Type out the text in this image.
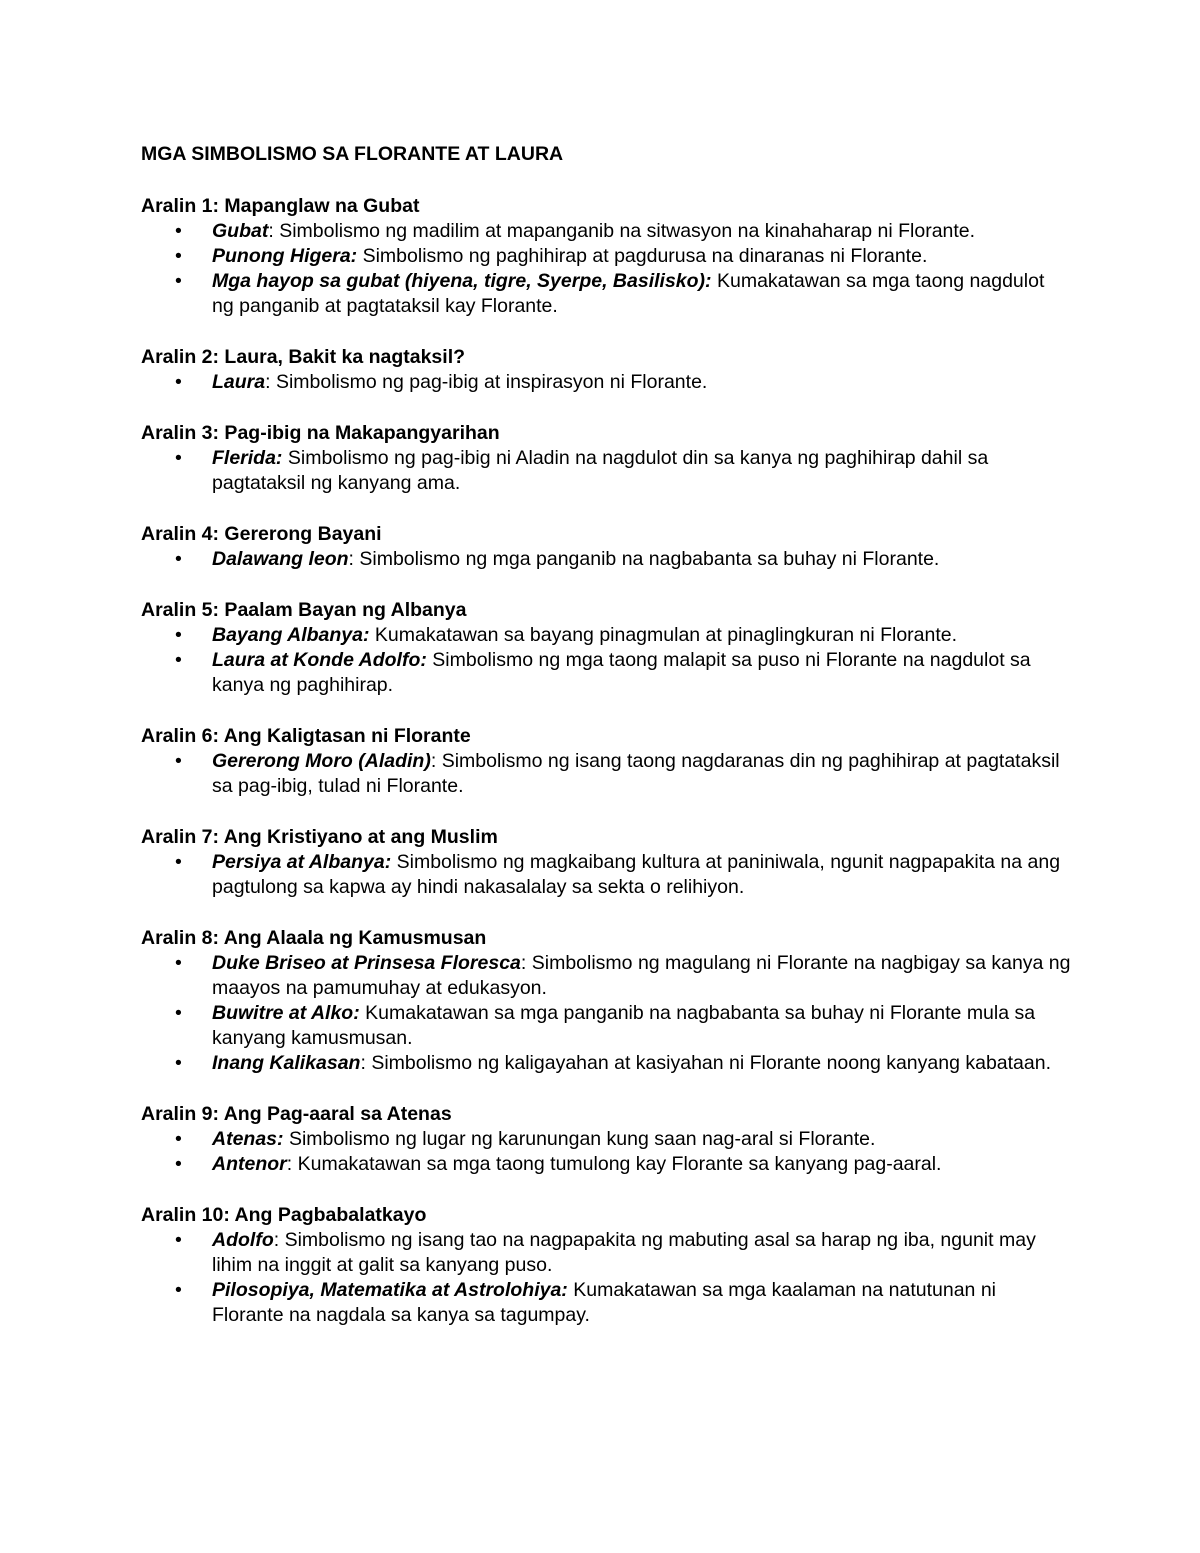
MGA SIMBOLISMO SA FLORANTE AT LAURA
Aralin 1: Mapanglaw na Gubat
• Gubat: Simbolismo ng madilim at mapanganib na sitwasyon na kinahaharap ni Florante.
• Punong Higera: Simbolismo ng paghihirap at pagdurusa na dinaranas ni Florante.
• Mga hayop sa gubat (hiyena, tigre, Syerpe, Basilisko): Kumakatawan sa mga taong nagdulot ng panganib at pagtataksil kay Florante.
Aralin 2: Laura, Bakit ka nagtaksil?
• Laura: Simbolismo ng pag-ibig at inspirasyon ni Florante.
Aralin 3: Pag-ibig na Makapangyarihan
• Flerida: Simbolismo ng pag-ibig ni Aladin na nagdulot din sa kanya ng paghihirap dahil sa pagtataksil ng kanyang ama.
Aralin 4: Gererong Bayani
• Dalawang leon: Simbolismo ng mga panganib na nagbabanta sa buhay ni Florante.
Aralin 5: Paalam Bayan ng Albanya
• Bayang Albanya: Kumakatawan sa bayang pinagmulan at pinaglingkuran ni Florante.
• Laura at Konde Adolfo: Simbolismo ng mga taong malapit sa puso ni Florante na nagdulot sa kanya ng paghihirap.
Aralin 6: Ang Kaligtasan ni Florante
• Gererong Moro (Aladin): Simbolismo ng isang taong nagdaranas din ng paghihirap at pagtataksil sa pag-ibig, tulad ni Florante.
Aralin 7: Ang Kristiyano at ang Muslim
• Persiya at Albanya: Simbolismo ng magkaibang kultura at paniniwala, ngunit nagpapakita na ang pagtulong sa kapwa ay hindi nakasalalay sa sekta o relihiyon.
Aralin 8: Ang Alaala ng Kamusmusan
• Duke Briseo at Prinsesa Floresca: Simbolismo ng magulang ni Florante na nagbigay sa kanya ng maayos na pamumuhay at edukasyon.
• Buwitre at Alko: Kumakatawan sa mga panganib na nagbabanta sa buhay ni Florante mula sa kanyang kamusmusan.
• Inang Kalikasan: Simbolismo ng kaligayahan at kasiyahan ni Florante noong kanyang kabataan.
Aralin 9: Ang Pag-aaral sa Atenas
• Atenas: Simbolismo ng lugar ng karunungan kung saan nag-aral si Florante.
• Antenor: Kumakatawan sa mga taong tumulong kay Florante sa kanyang pag-aaral.
Aralin 10: Ang Pagbabalatkayo
• Adolfo: Simbolismo ng isang tao na nagpapakita ng mabuting asal sa harap ng iba, ngunit may lihim na inggit at galit sa kanyang puso.
• Pilosopiya, Matematika at Astrolohiya: Kumakatawan sa mga kaalaman na natutunan ni Florante na nagdala sa kanya sa tagumpay.
